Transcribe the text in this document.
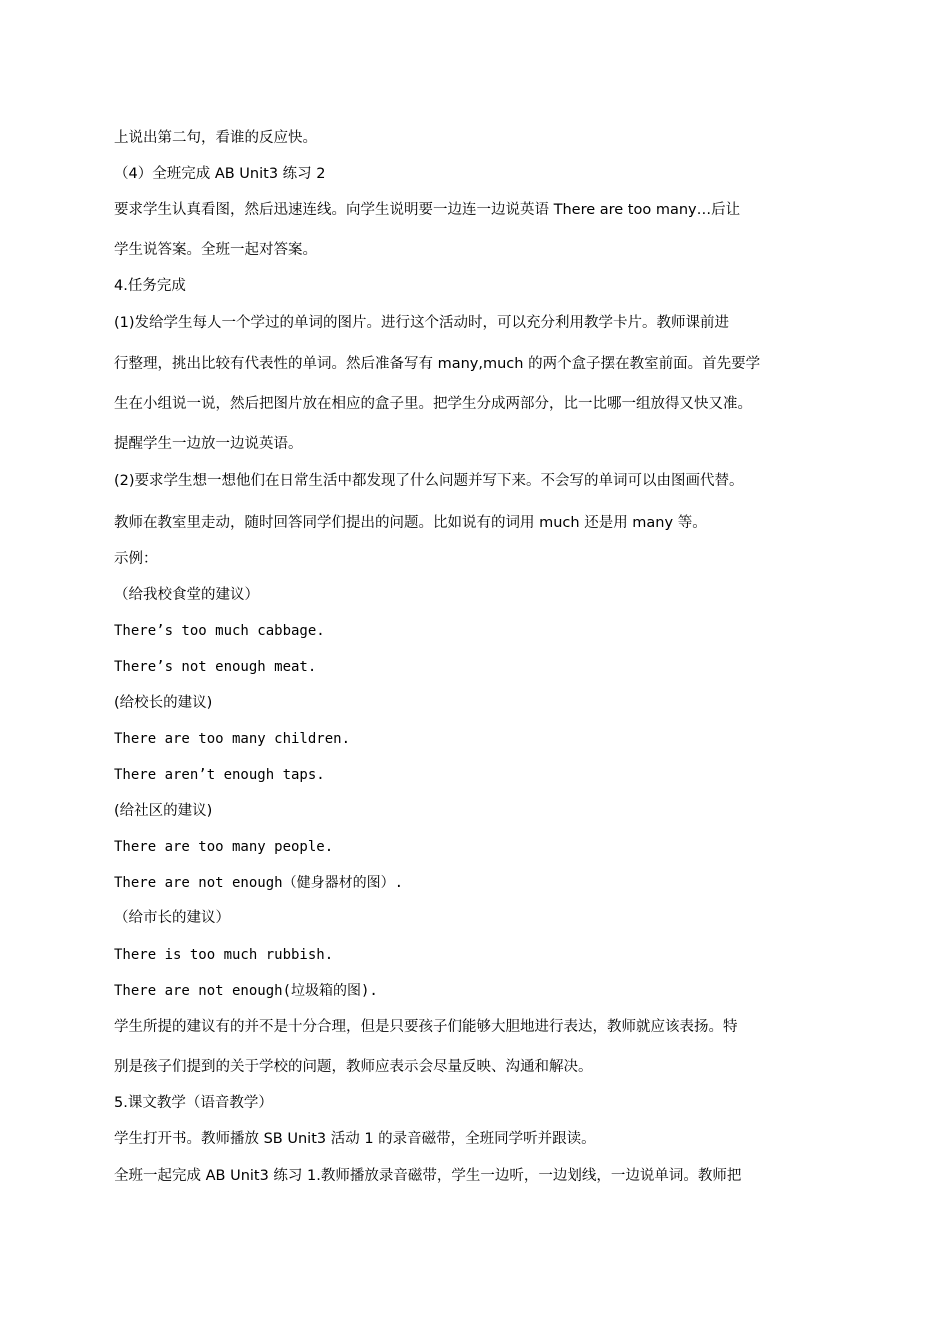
上说出第二句，看谁的反应快。
（4）全班完成 AB Unit3 练习 2
要求学生认真看图，然后迅速连线。向学生说明要一边连一边说英语 There are too many…后让
学生说答案。全班一起对答案。
4.任务完成
(1)发给学生每人一个学过的单词的图片。进行这个活动时，可以充分利用教学卡片。教师课前进
行整理，挑出比较有代表性的单词。然后准备写有 many,much 的两个盒子摆在教室前面。首先要学
生在小组说一说，然后把图片放在相应的盒子里。把学生分成两部分，比一比哪一组放得又快又准。
提醒学生一边放一边说英语。
(2)要求学生想一想他们在日常生活中都发现了什么问题并写下来。不会写的单词可以由图画代替。
教师在教室里走动，随时回答同学们提出的问题。比如说有的词用 much 还是用 many 等。
示例：
（给我校食堂的建议）
There’s too much cabbage.
There’s not enough meat.
(给校长的建议)
There are too many children.
There aren’t enough taps.
(给社区的建议)
There are too many people.
There are not enough（健身器材的图）.
（给市长的建议）
There is too much rubbish.
There are not enough(垃圾箱的图).
学生所提的建议有的并不是十分合理，但是只要孩子们能够大胆地进行表达，教师就应该表扬。特
别是孩子们提到的关于学校的问题，教师应表示会尽量反映、沟通和解决。
5.课文教学（语音教学）
学生打开书。教师播放 SB Unit3 活动 1 的录音磁带，全班同学听并跟读。
全班一起完成 AB Unit3 练习 1.教师播放录音磁带，学生一边听，一边划线，一边说单词。教师把
